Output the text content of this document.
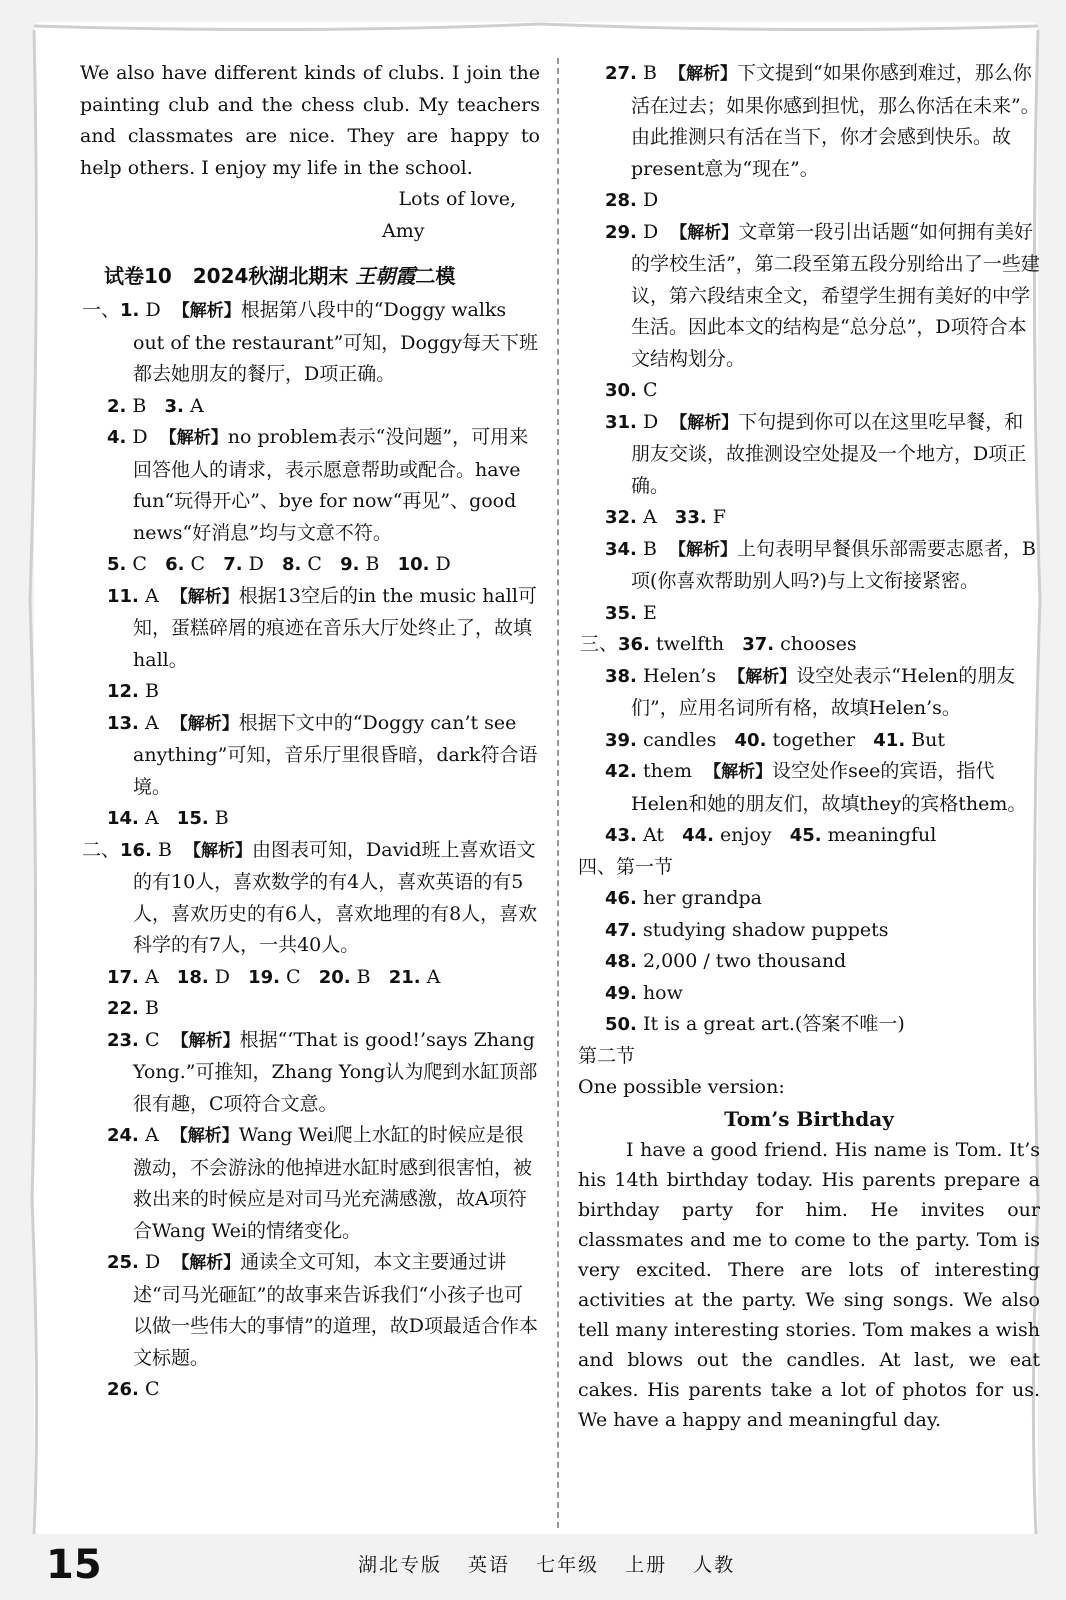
We also have different kinds of clubs. I join the painting club and the chess club. My teachers and classmates are nice. They are happy to help others. I enjoy my life in the school.

Lots of love,

Amy

试卷10 2024秋湖北期末 王朝霞二模

一、1. D 【解析】根据第八段中的“Doggy walks out of the restaurant”可知，Doggy每天下班都去她朋友的餐厅，D项正确。

2. B 3. A

4. D 【解析】no problem表示“没问题”，可用来回答他人的请求，表示愿意帮助或配合。have fun“玩得开心”、bye for now“再见”、good news“好消息”均与文意不符。

5. C 6. C 7. D 8. C 9. B 10. D

11. A 【解析】根据13空后的in the music hall可知，蛋糕碎屑的痕迹在音乐大厅处终止了，故填hall。

12. B

13. A 【解析】根据下文中的“Doggy can’t see anything”可知，音乐厅里很昏暗，dark符合语境。

14. A 15. B

二、16. B 【解析】由图表可知，David班上喜欢语文的有10人，喜欢数学的有4人，喜欢英语的有5人，喜欢历史的有6人，喜欢地理的有8人，喜欢科学的有7人，一共40人。

17. A 18. D 19. C 20. B 21. A

22. B

23. C 【解析】根据“‘That is good!’says Zhang Yong.”可推知，Zhang Yong认为爬到水缸顶部很有趣，C项符合文意。

24. A 【解析】Wang Wei爬上水缸的时候应是很激动，不会游泳的他掉进水缸时感到很害怕，被救出来的时候应是对司马光充满感激，故A项符合Wang Wei的情绪变化。

25. D 【解析】通读全文可知，本文主要通过讲述“司马光砸缸”的故事来告诉我们“小孩子也可以做一些伟大的事情”的道理，故D项最适合作本文标题。

26. C

27. B 【解析】下文提到“如果你感到难过，那么你活在过去；如果你感到担忧，那么你活在未来”。由此推测只有活在当下，你才会感到快乐。故present意为“现在”。

28. D

29. D 【解析】文章第一段引出话题“如何拥有美好的学校生活”，第二段至第五段分别给出了一些建议，第六段结束全文，希望学生拥有美好的中学生活。因此本文的结构是“总分总”，D项符合本文结构划分。

30. C

31. D 【解析】下句提到你可以在这里吃早餐，和朋友交谈，故推测设空处提及一个地方，D项正确。

32. A 33. F

34. B 【解析】上句表明早餐俱乐部需要志愿者，B项(你喜欢帮助别人吗?)与上文衔接紧密。

35. E

三、36. twelfth 37. chooses

38. Helen’s 【解析】设空处表示“Helen的朋友们”，应用名词所有格，故填Helen’s。

39. candles 40. together 41. But

42. them 【解析】设空处作see的宾语，指代Helen和她的朋友们，故填they的宾格them。

43. At 44. enjoy 45. meaningful

四、第一节

46. her grandpa

47. studying shadow puppets

48. 2,000 / two thousand

49. how

50. It is a great art.(答案不唯一)

第二节

One possible version:

Tom’s Birthday

I have a good friend. His name is Tom. It’s his 14th birthday today. His parents prepare a birthday party for him. He invites our classmates and me to come to the party. Tom is very excited. There are lots of interesting activities at the party. We sing songs. We also tell many interesting stories. Tom makes a wish and blows out the candles. At last, we eat cakes. His parents take a lot of photos for us. We have a happy and meaningful day.

15	湖北专版 英语 七年级 上册 人教
